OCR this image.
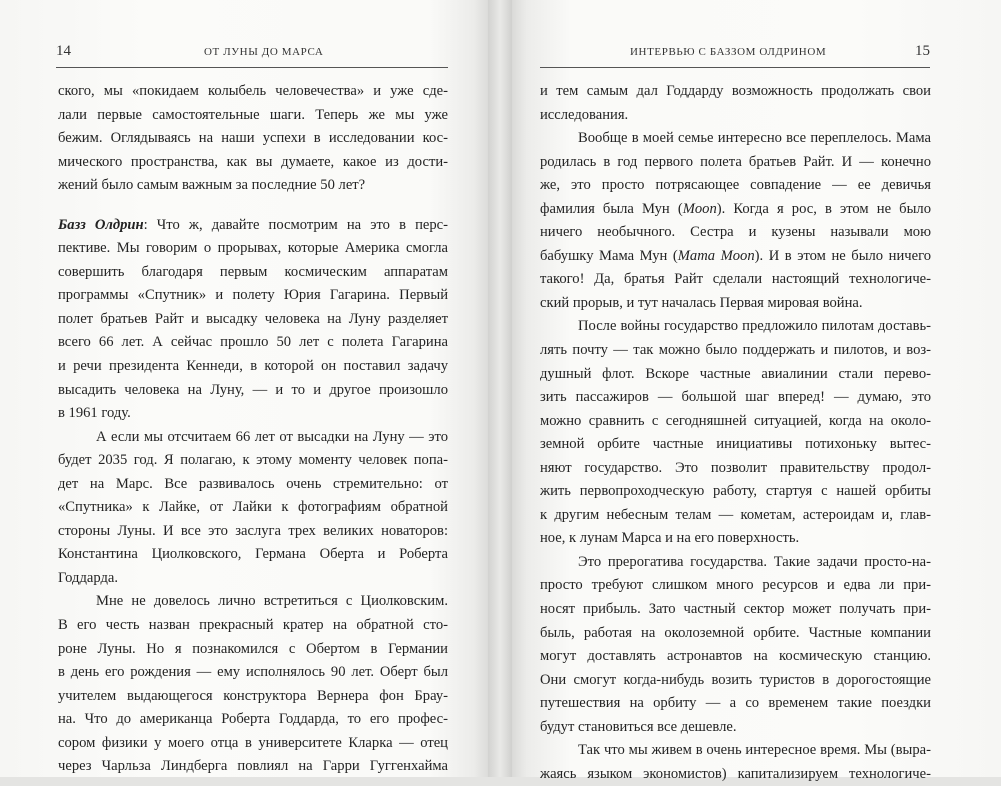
14	ОТ ЛУНЫ ДО МАРСА
ского, мы «покидаем колыбель человечества» и уже сде-
лали первые самостоятельные шаги. Теперь же мы уже
бежим. Оглядываясь на наши успехи в исследовании кос-
мического пространства, как вы думаете, какое из дости-
жений было самым важным за последние 50 лет?
Базз Олдрин: Что ж, давайте посмотрим на это в перс-
пективе. Мы говорим о прорывах, которые Америка смогла
совершить благодаря первым космическим аппаратам
программы «Спутник» и полету Юрия Гагарина. Первый
полет братьев Райт и высадку человека на Луну разделяет
всего 66 лет. А сейчас прошло 50 лет с полета Гагарина
и речи президента Кеннеди, в которой он поставил задачу
высадить человека на Луну, — и то и другое произошло
в 1961 году.
А если мы отсчитаем 66 лет от высадки на Луну — это
будет 2035 год. Я полагаю, к этому моменту человек попа-
дет на Марс. Все развивалось очень стремительно: от
«Спутника» к Лайке, от Лайки к фотографиям обратной
стороны Луны. И все это заслуга трех великих новаторов:
Константина Циолковского, Германа Оберта и Роберта
Годдарда.
Мне не довелось лично встретиться с Циолковским.
В его честь назван прекрасный кратер на обратной сто-
роне Луны. Но я познакомился с Обертом в Германии
в день его рождения — ему исполнялось 90 лет. Оберт был
учителем выдающегося конструктора Вернера фон Брау-
на. Что до американца Роберта Годдарда, то его профес-
сором физики у моего отца в университете Кларка — отец
через Чарльза Линдберга повлиял на Гарри Гуггенхайма
ИНТЕРВЬЮ С БАЗЗОМ ОЛДРИНОМ	15
и тем самым дал Годдарду возможность продолжать свои
исследования.
Вообще в моей семье интересно все переплелось. Мама
родилась в год первого полета братьев Райт. И — конечно
же, это просто потрясающее совпадение — ее девичья
фамилия была Мун (Moon). Когда я рос, в этом не было
ничего необычного. Сестра и кузены называли мою
бабушку Мама Мун (Mama Moon). И в этом не было ничего
такого! Да, братья Райт сделали настоящий технологиче-
ский прорыв, и тут началась Первая мировая война.
После войны государство предложило пилотам доставь-
лять почту — так можно было поддержать и пилотов, и воз-
душный флот. Вскоре частные авиалинии стали перево-
зить пассажиров — большой шаг вперед! — думаю, это
можно сравнить с сегодняшней ситуацией, когда на около-
земной орбите частные инициативы потихоньку вытес-
няют государство. Это позволит правительству продол-
жить первопроходческую работу, стартуя с нашей орбиты
к другим небесным телам — кометам, астероидам и, глав-
ное, к лунам Марса и на его поверхность.
Это прерогатива государства. Такие задачи просто-на-
просто требуют слишком много ресурсов и едва ли при-
носят прибыль. Зато частный сектор может получать при-
быль, работая на околоземной орбите. Частные компании
могут доставлять астронавтов на космическую станцию.
Они смогут когда-нибудь возить туристов в дорогостоящие
путешествия на орбиту — а со временем такие поездки
будут становиться все дешевле.
Так что мы живем в очень интересное время. Мы (выра-
жаясь языком экономистов) капитализируем технологиче-
